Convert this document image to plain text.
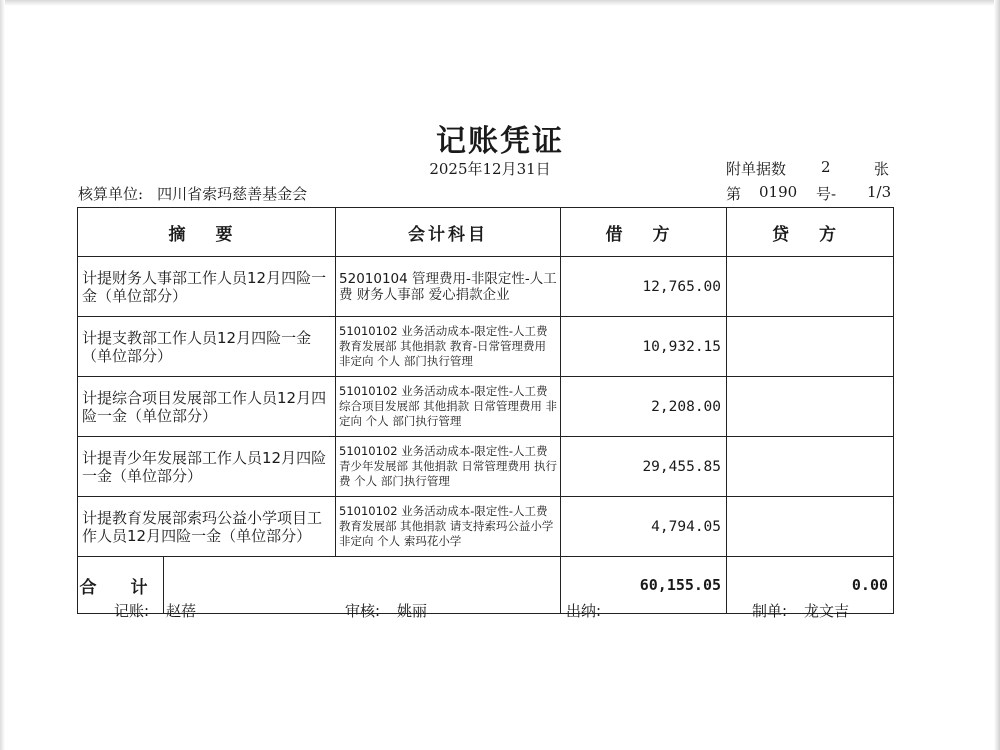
记账凭证
2025年12月31日	附单据数 2	张
核算单位: 四川省索玛慈善基金会	第 0190 号- 1/3
摘 要		会计科目	借 方	贷 方
计提财务人事部工作人员12月四险一金（单位部分）		52010104 管理费用-非限定性-人工费 财务人事部 爱心捐款企业	12,765.00	
计提支教部工作人员12月四险一金（单位部分）		51010102 业务活动成本-限定性-人工费 教育发展部 其他捐款 教育-日常管理费用 非定向 个人 部门执行管理	10,932.15	
计提综合项目发展部工作人员12月四险一金（单位部分）		51010102 业务活动成本-限定性-人工费 综合项目发展部 其他捐款 日常管理费用 非定向 个人 部门执行管理	2,208.00	
计提青少年发展部工作人员12月四险一金（单位部分）		51010102 业务活动成本-限定性-人工费 青少年发展部 其他捐款 日常管理费用 执行费 个人 部门执行管理	29,455.85	
计提教育发展部索玛公益小学项目工作人员12月四险一金（单位部分）		51010102 业务活动成本-限定性-人工费 教育发展部 其他捐款 请支持索玛公益小学 非定向 个人 索玛花小学	4,794.05	
合 计			60,155.05	0.00
记账: 赵蓓	审核: 姚丽	出纳:	制单: 龙文吉
